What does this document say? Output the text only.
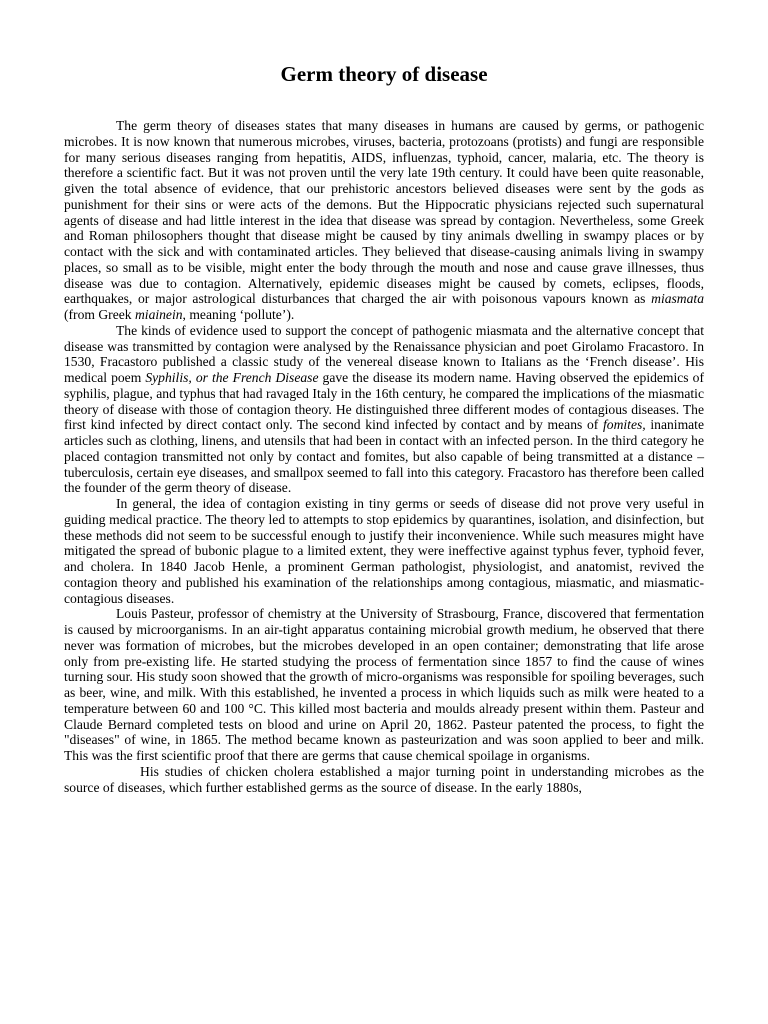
Germ theory of disease

The germ theory of diseases states that many diseases in humans are caused by germs, or pathogenic microbes. It is now known that numerous microbes, viruses, bacteria, protozoans (protists) and fungi are responsible for many serious diseases ranging from hepatitis, AIDS, influenzas, typhoid, cancer, malaria, etc. The theory is therefore a scientific fact. But it was not proven until the very late 19th century. It could have been quite reasonable, given the total absence of evidence, that our prehistoric ancestors believed diseases were sent by the gods as punishment for their sins or were acts of the demons. But the Hippocratic physicians rejected such supernatural agents of disease and had little interest in the idea that disease was spread by contagion. Nevertheless, some Greek and Roman philosophers thought that disease might be caused by tiny animals dwelling in swampy places or by contact with the sick and with contaminated articles. They believed that disease-causing animals living in swampy places, so small as to be visible, might enter the body through the mouth and nose and cause grave illnesses, thus disease was due to contagion. Alternatively, epidemic diseases might be caused by comets, eclipses, floods, earthquakes, or major astrological disturbances that charged the air with poisonous vapours known as miasmata (from Greek miainein, meaning ‘pollute’).

The kinds of evidence used to support the concept of pathogenic miasmata and the alternative concept that disease was transmitted by contagion were analysed by the Renaissance physician and poet Girolamo Fracastoro. In 1530, Fracastoro published a classic study of the venereal disease known to Italians as the ‘French disease’. His medical poem Syphilis, or the French Disease gave the disease its modern name. Having observed the epidemics of syphilis, plague, and typhus that had ravaged Italy in the 16th century, he compared the implications of the miasmatic theory of disease with those of contagion theory. He distinguished three different modes of contagious diseases. The first kind infected by direct contact only. The second kind infected by contact and by means of fomites, inanimate articles such as clothing, linens, and utensils that had been in contact with an infected person. In the third category he placed contagion transmitted not only by contact and fomites, but also capable of being transmitted at a distance – tuberculosis, certain eye diseases, and smallpox seemed to fall into this category. Fracastoro has therefore been called the founder of the germ theory of disease.

In general, the idea of contagion existing in tiny germs or seeds of disease did not prove very useful in guiding medical practice. The theory led to attempts to stop epidemics by quarantines, isolation, and disinfection, but these methods did not seem to be successful enough to justify their inconvenience. While such measures might have mitigated the spread of bubonic plague to a limited extent, they were ineffective against typhus fever, typhoid fever, and cholera. In 1840 Jacob Henle, a prominent German pathologist, physiologist, and anatomist, revived the contagion theory and published his examination of the relationships among contagious, miasmatic, and miasmatic-contagious diseases.

Louis Pasteur, professor of chemistry at the University of Strasbourg, France, discovered that fermentation is caused by microorganisms. In an air-tight apparatus containing microbial growth medium, he observed that there never was formation of microbes, but the microbes developed in an open container; demonstrating that life arose only from pre-existing life. He started studying the process of fermentation since 1857 to find the cause of wines turning sour. His study soon showed that the growth of micro-organisms was responsible for spoiling beverages, such as beer, wine, and milk. With this established, he invented a process in which liquids such as milk were heated to a temperature between 60 and 100 °C. This killed most bacteria and moulds already present within them. Pasteur and Claude Bernard completed tests on blood and urine on April 20, 1862. Pasteur patented the process, to fight the "diseases" of wine, in 1865. The method became known as pasteurization and was soon applied to beer and milk. This was the first scientific proof that there are germs that cause chemical spoilage in organisms.

His studies of chicken cholera established a major turning point in understanding microbes as the source of diseases, which further established germs as the source of disease. In the early 1880s,
